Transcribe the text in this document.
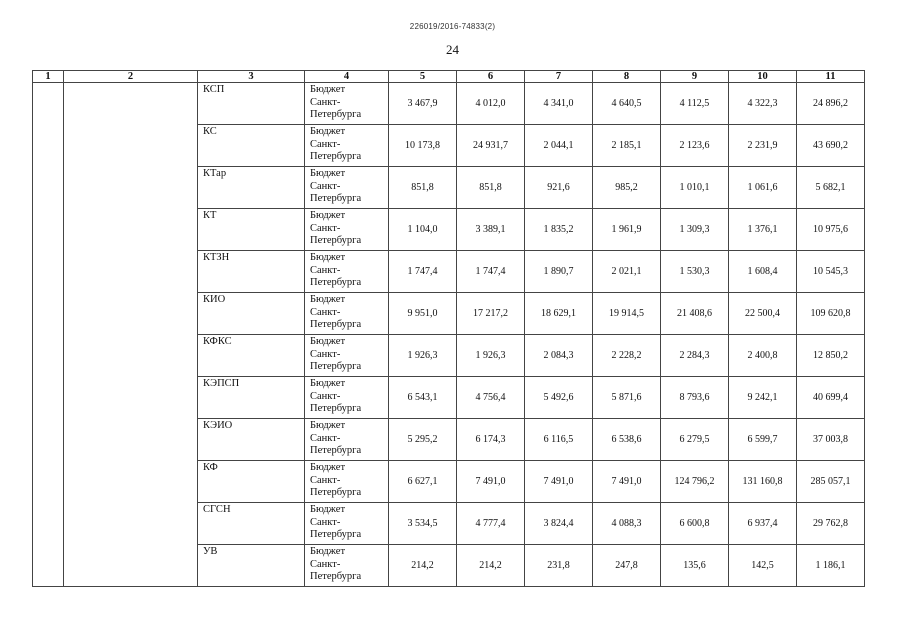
226019/2016-74833(2)
24
1	2	3	4	5	6	7	8	9	10	11
		КСП	Бюджет
Санкт-
Петербурга	3 467,9	4 012,0	4 341,0	4 640,5	4 112,5	4 322,3	24 896,2
		КС	Бюджет
Санкт-
Петербурга	10 173,8	24 931,7	2 044,1	2 185,1	2 123,6	2 231,9	43 690,2
		КТар	Бюджет
Санкт-
Петербурга	851,8	851,8	921,6	985,2	1 010,1	1 061,6	5 682,1
		КТ	Бюджет
Санкт-
Петербурга	1 104,0	3 389,1	1 835,2	1 961,9	1 309,3	1 376,1	10 975,6
		КТЗН	Бюджет
Санкт-
Петербурга	1 747,4	1 747,4	1 890,7	2 021,1	1 530,3	1 608,4	10 545,3
		КИО	Бюджет
Санкт-
Петербурга	9 951,0	17 217,2	18 629,1	19 914,5	21 408,6	22 500,4	109 620,8
		КФКС	Бюджет
Санкт-
Петербурга	1 926,3	1 926,3	2 084,3	2 228,2	2 284,3	2 400,8	12 850,2
		КЭПСП	Бюджет
Санкт-
Петербурга	6 543,1	4 756,4	5 492,6	5 871,6	8 793,6	9 242,1	40 699,4
		КЭИО	Бюджет
Санкт-
Петербурга	5 295,2	6 174,3	6 116,5	6 538,6	6 279,5	6 599,7	37 003,8
		КФ	Бюджет
Санкт-
Петербурга	6 627,1	7 491,0	7 491,0	7 491,0	124 796,2	131 160,8	285 057,1
		СГСН	Бюджет
Санкт-
Петербурга	3 534,5	4 777,4	3 824,4	4 088,3	6 600,8	6 937,4	29 762,8
		УВ	Бюджет
Санкт-
Петербурга	214,2	214,2	231,8	247,8	135,6	142,5	1 186,1
